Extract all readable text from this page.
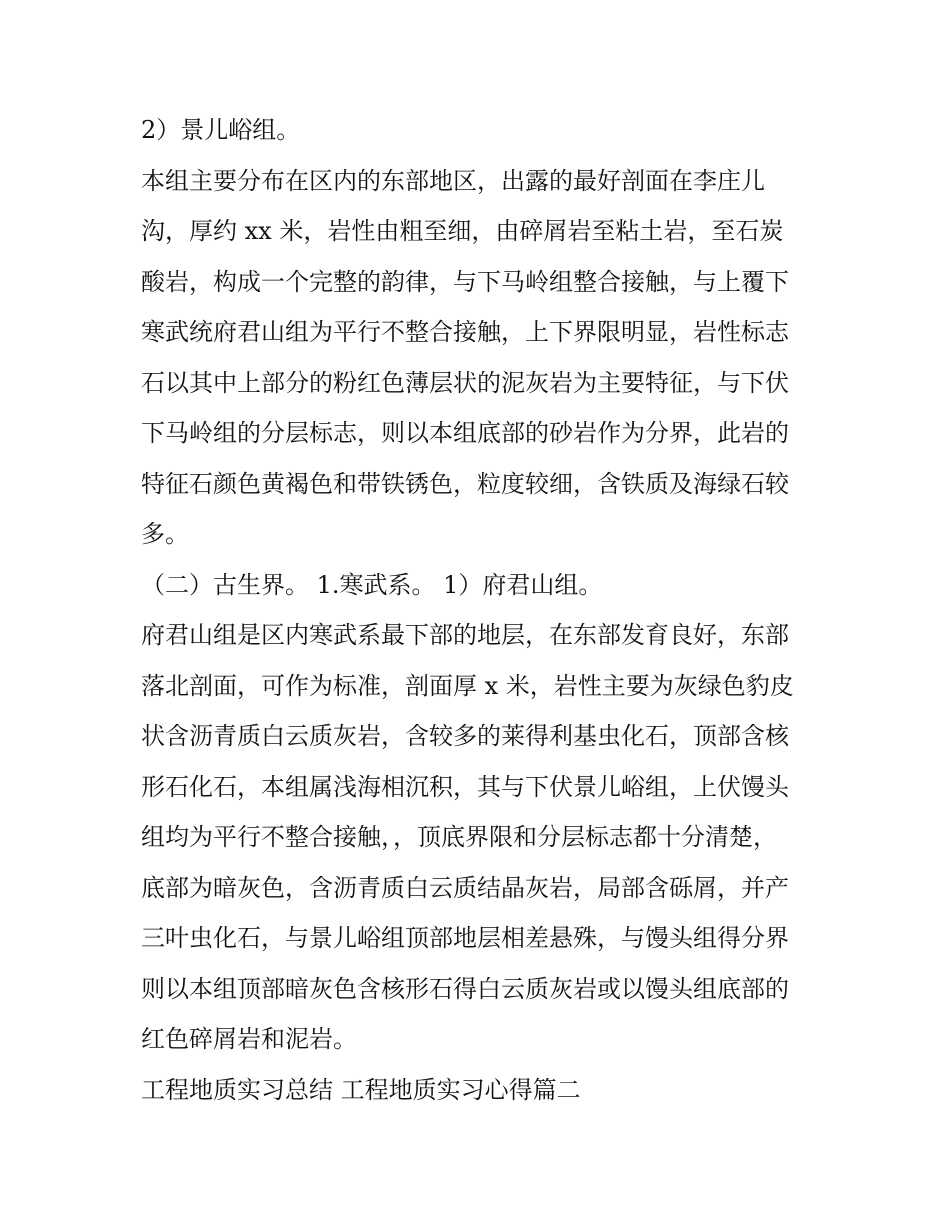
2）景儿峪组。
本组主要分布在区内的东部地区，出露的最好剖面在李庄儿
沟，厚约 xx 米，岩性由粗至细，由碎屑岩至粘土岩，至石炭
酸岩，构成一个完整的韵律，与下马岭组整合接触，与上覆下
寒武统府君山组为平行不整合接触，上下界限明显，岩性标志
石以其中上部分的粉红色薄层状的泥灰岩为主要特征，与下伏
下马岭组的分层标志，则以本组底部的砂岩作为分界，此岩的
特征石颜色黄褐色和带铁锈色，粒度较细，含铁质及海绿石较
多。
（二）古生界。 1.寒武系。 1）府君山组。
府君山组是区内寒武系最下部的地层，在东部发育良好，东部
落北剖面，可作为标准，剖面厚 x 米，岩性主要为灰绿色豹皮
状含沥青质白云质灰岩，含较多的莱得利基虫化石，顶部含核
形石化石，本组属浅海相沉积，其与下伏景儿峪组，上伏馒头
组均为平行不整合接触，，顶底界限和分层标志都十分清楚，
底部为暗灰色，含沥青质白云质结晶灰岩，局部含砾屑，并产
三叶虫化石，与景儿峪组顶部地层相差悬殊，与馒头组得分界
则以本组顶部暗灰色含核形石得白云质灰岩或以馒头组底部的
红色碎屑岩和泥岩。
工程地质实习总结 工程地质实习心得篇二
